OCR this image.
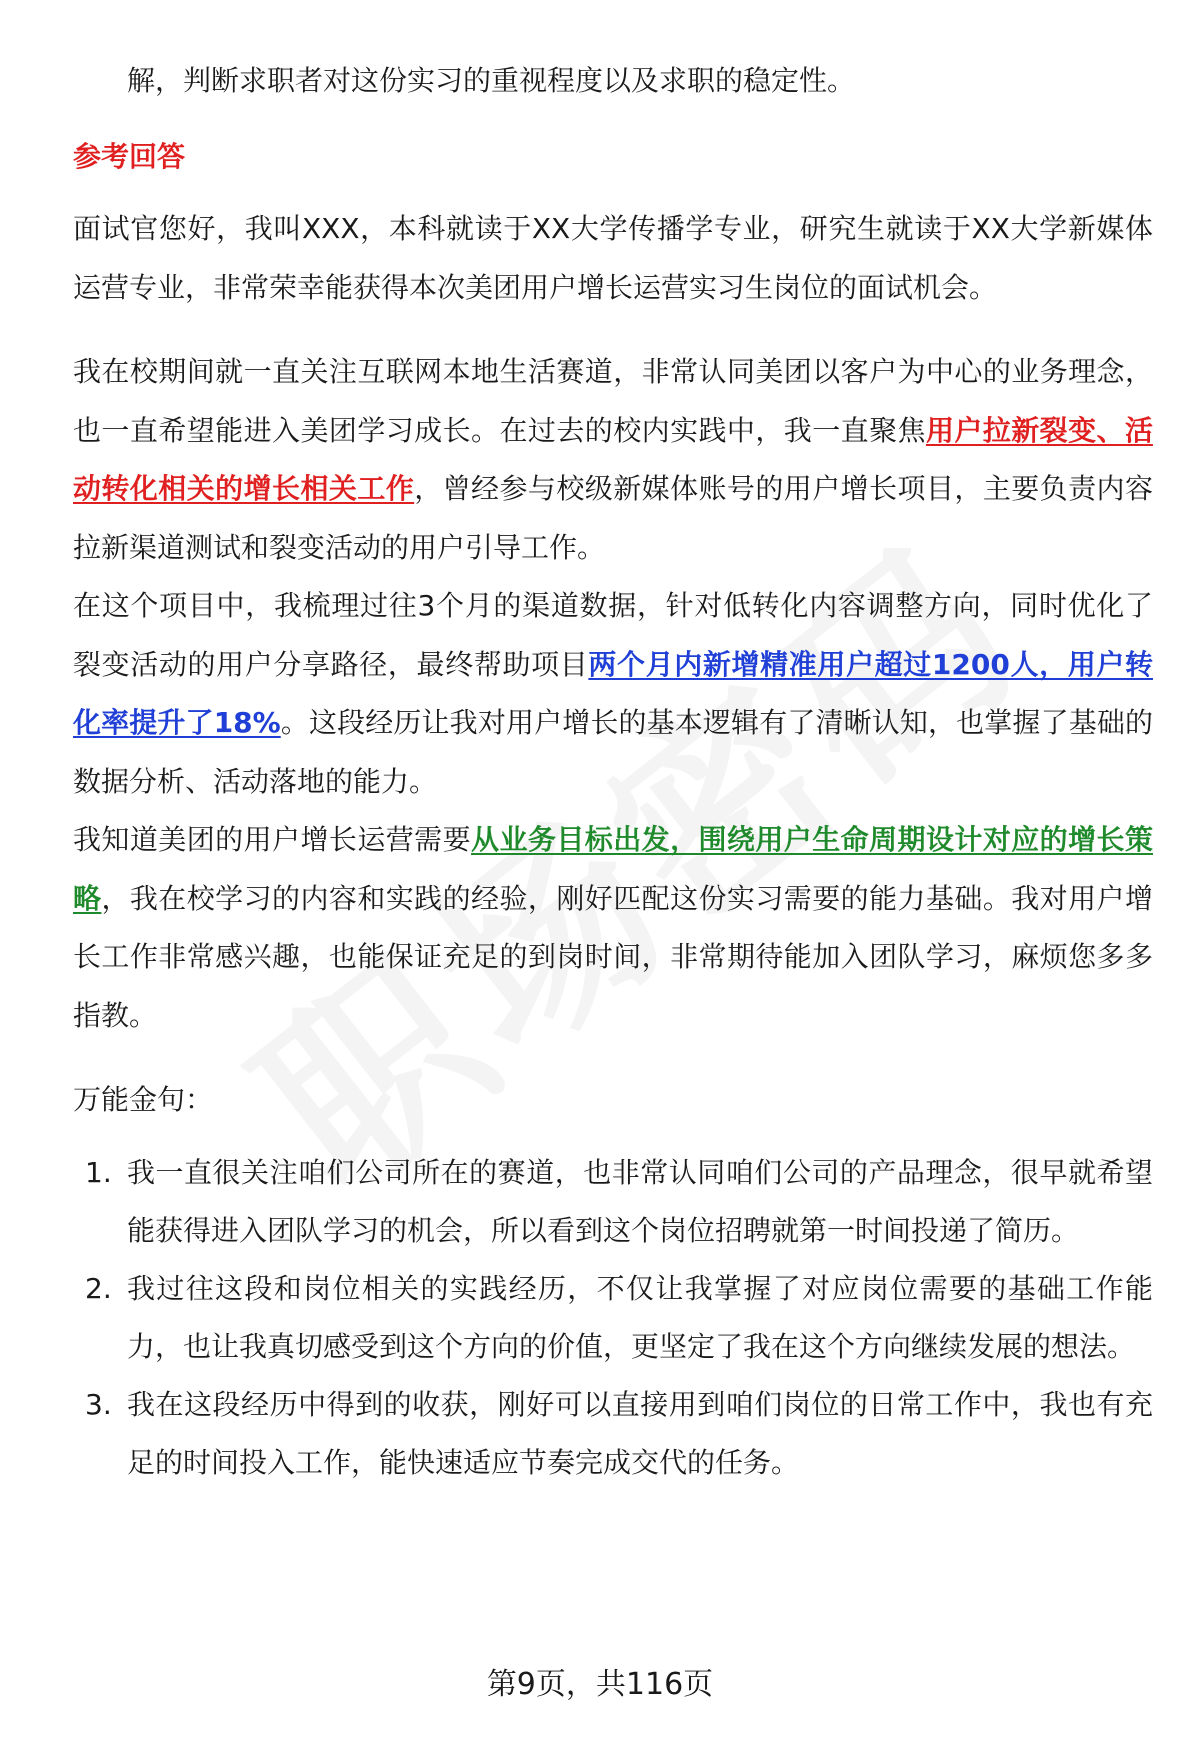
解，判断求职者对这份实习的重视程度以及求职的稳定性。

参考回答

面试官您好，我叫XXX，本科就读于XX大学传播学专业，研究生就读于XX大学新媒体运营专业，非常荣幸能获得本次美团用户增长运营实习生岗位的面试机会。

我在校期间就一直关注互联网本地生活赛道，非常认同美团以客户为中心的业务理念，也一直希望能进入美团学习成长。在过去的校内实践中，我一直聚焦用户拉新裂变、活动转化相关的增长相关工作，曾经参与校级新媒体账号的用户增长项目，主要负责内容拉新渠道测试和裂变活动的用户引导工作。

在这个项目中，我梳理过往3个月的渠道数据，针对低转化内容调整方向，同时优化了裂变活动的用户分享路径，最终帮助项目两个月内新增精准用户超过1200人，用户转化率提升了18%。这段经历让我对用户增长的基本逻辑有了清晰认知，也掌握了基础的数据分析、活动落地的能力。

我知道美团的用户增长运营需要从业务目标出发，围绕用户生命周期设计对应的增长策略，我在校学习的内容和实践的经验，刚好匹配这份实习需要的能力基础。我对用户增长工作非常感兴趣，也能保证充足的到岗时间，非常期待能加入团队学习，麻烦您多多指教。

万能金句：

1. 我一直很关注咱们公司所在的赛道，也非常认同咱们公司的产品理念，很早就希望能获得进入团队学习的机会，所以看到这个岗位招聘就第一时间投递了简历。
2. 我过往这段和岗位相关的实践经历，不仅让我掌握了对应岗位需要的基础工作能力，也让我真切感受到这个方向的价值，更坚定了我在这个方向继续发展的想法。
3. 我在这段经历中得到的收获，刚好可以直接用到咱们岗位的日常工作中，我也有充足的时间投入工作，能快速适应节奏完成交代的任务。
第9页，共116页
